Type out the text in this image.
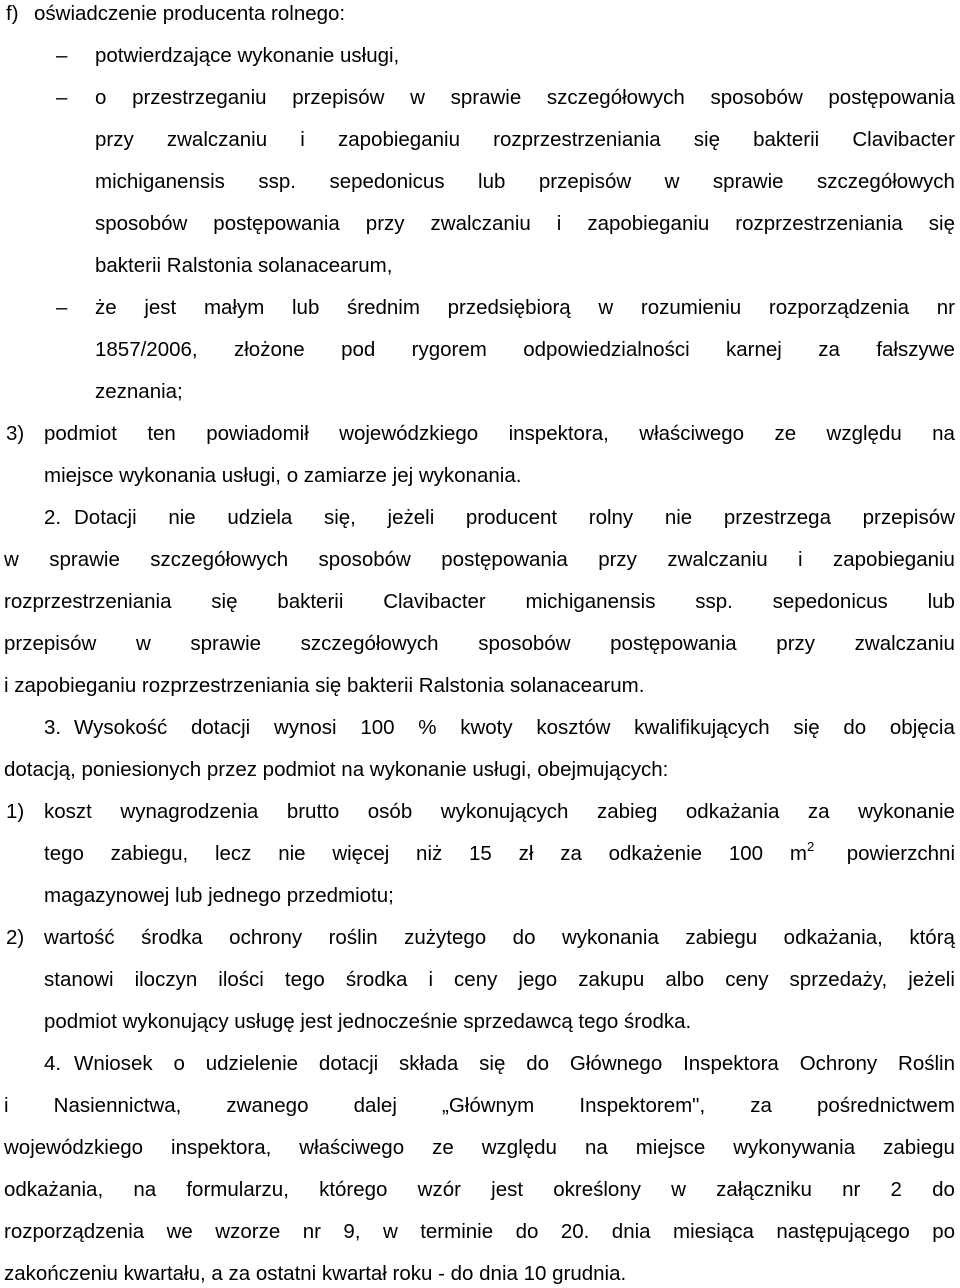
f) oświadczenie producenta rolnego:
– potwierdzające wykonanie usługi,
– o przestrzeganiu przepisów w sprawie szczegółowych sposobów postępowania
przy zwalczaniu i zapobieganiu rozprzestrzeniania się bakterii Clavibacter
michiganensis ssp. sepedonicus lub przepisów w sprawie szczegółowych
sposobów postępowania przy zwalczaniu i zapobieganiu rozprzestrzeniania się
bakterii Ralstonia solanacearum,
– że jest małym lub średnim przedsiębiorą w rozumieniu rozporządzenia nr
1857/2006, złożone pod rygorem odpowiedzialności karnej za fałszywe
zeznania;
3) podmiot ten powiadomił wojewódzkiego inspektora, właściwego ze względu na
miejsce wykonania usługi, o zamiarze jej wykonania.
2. Dotacji nie udziela się, jeżeli producent rolny nie przestrzega przepisów
w sprawie szczegółowych sposobów postępowania przy zwalczaniu i zapobieganiu
rozprzestrzeniania się bakterii Clavibacter michiganensis ssp. sepedonicus lub
przepisów w sprawie szczegółowych sposobów postępowania przy zwalczaniu
i zapobieganiu rozprzestrzeniania się bakterii Ralstonia solanacearum.
3. Wysokość dotacji wynosi 100 % kwoty kosztów kwalifikujących się do objęcia
dotacją, poniesionych przez podmiot na wykonanie usługi, obejmujących:
1) koszt wynagrodzenia brutto osób wykonujących zabieg odkażania za wykonanie
tego zabiegu, lecz nie więcej niż 15 zł za odkażenie 100 m $^2$ powierzchni
magazynowej lub jednego przedmiotu;
2) wartość środka ochrony roślin zużytego do wykonania zabiegu odkażania, którą
stanowi iloczyn ilości tego środka i ceny jego zakupu albo ceny sprzedaży, jeżeli
podmiot wykonujący usługę jest jednocześnie sprzedawcą tego środka.
4. Wniosek o udzielenie dotacji składa się do Głównego Inspektora Ochrony Roślin
i Nasiennictwa, zwanego dalej „Głównym Inspektorem", za pośrednictwem
wojewódzkiego inspektora, właściwego ze względu na miejsce wykonywania zabiegu
odkażania, na formularzu, którego wzór jest określony w załączniku nr 2 do
rozporządzenia we wzorze nr 9, w terminie do 20. dnia miesiąca następującego po
zakończeniu kwartału, a za ostatni kwartał roku - do dnia 10 grudnia.
